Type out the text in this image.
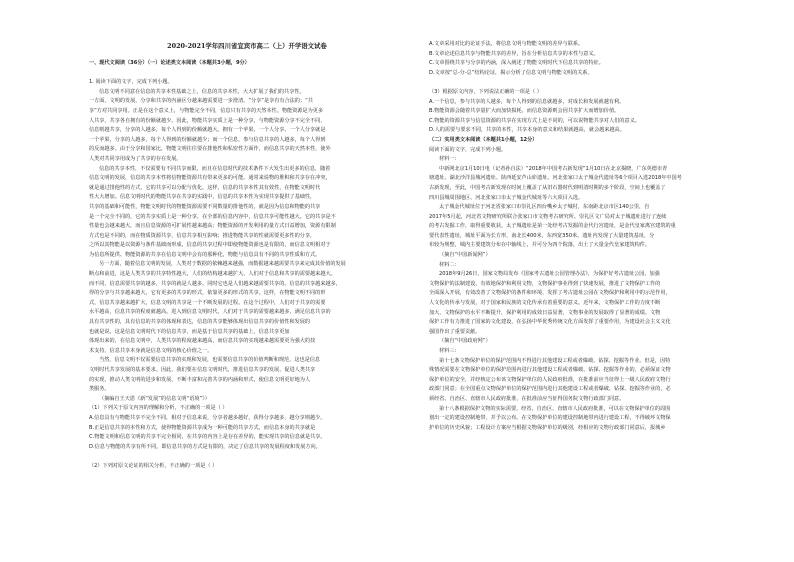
2020-2021学年四川省宜宾市高二（上）开学语文试卷
一、现代文阅读（36分）（一）论述类文本阅读（本题共3小题，9分）
1. 阅读下面的文字，完成下列小题。
信息文明不同意在信息的共享本性基础之上，信息的共享本性，大大扩展了我们的共享性。
一方面，文明的发展，分享和共享的内涵区分越来越需要进一步澄清。“分享”是享有有合法的；“共
享”方对共同享用。正是在这个意义上，与物能完全不同，信息只有共享的天然本性。物能资源是为更多
人共享，共享各自拥有的份额就越少。因此，物能共享实质上是一种分享，与物能资源分享不完全不同，
信息则越共享，分享的人越多，每个人得到的份额就越大。拥有一个苹果，一个人分享、一个人分享就是
一个苹果，分享的人越多，每个人得到的份额就越少；而一个信息，参与信息共享的人越多，每个人得到
的反而越多。由于分享和国家比，物能文明往往要在排他性和私密性方面作，而信息共享的天然本性，使外
人类对共同享用成为了共享的存在发展。
信息的共享本性，不仅需要有不同共享而限，而且在信息时代的技术条件下大发生出更多的信息，随着
信息文明的发展，信息的共享本性将信物能资源共有带来更多的可能。通常来说物的堆积和共享存在冲突，
就是通过排他性的方式，它的共享可以分配与优化。这样，信息的共享本性其有效性，在物能文明时代
性大大增加。信息文明时代的物能共享在共享的实践中，信息的共享本性为实现共享提供了基础性，
共享的基础和可能性，物能文明时代的物能资源需要不同数量的排他性的，就是因为信息和物能的共享
是一个完全不同的，它的共享实质上是一种分享，在全部的信息内容中，信息共享可能性越大。它的共享是不
性量也会越来越大，而且信息资源的可扩展性越来越高；物能资源的开发利用的量方式日益增加，资源有限制
方式也是不同的，而在物质资源共享，信息共享相互影响；推进物能共享的性就需要更多性的分享，
之所以其物能是以资源与条件基础而形成，信息的共享过程中即使物能资源也是有限的，而信息文明相对于
为信息所提供、物能资源的共享在信息文明中会有的那种化，物能与信息具有不同的共享性质和方式。
另一方面，随着信息文明的发展，人类对于数据的依赖越来越强，而数据越来越需要共享来完成其价值的发展
断点和前进，这是人类共享的共享特性越大，人们的结构越来越扩大，人们对于信息和共享的需要越来越大。
而不同，信息需要共享的越多，共享的就是人越多。同时它也是人们越来越需要共享的。信息的共享越来越多，
得的分享与共享越来越大，它有更多的共享的形式，依靠更多的形式的共享。这样，在物能文明不同的形
式，信息共享越来越扩大，信息文明的共享是一个不断发展的过程。在这个过程中，人们对于共享的需要
水平越高，信息共享的程度就越高。进入到信息文明时代，人们对于共享的需要越来越多，满足信息共享的
具有共享性的，具有信息的共享的体现和表达，信息的共享能够体现出信息共享的价值性和发展的
也就是说，这是信息文明时代下的信息共享，而是基于信息共享的基础上，信息共享更加
体现出来的，在信息文明中，人类共享的程度越来越高，而信息共享的实现越来越需要更为强大的技
术支持，信息共享本身就是信息文明的核心价值之一。
当然，信息文明不仅需要信息共享的实现和发展，也需要信息共享的价值判断和规范，这也是信息
文明时代共享发展的基本要求。因此，我们要在信息文明时代，推进信息共享的发展，促进人类共享
的实现，推动人类文明的进步和发展，不断丰富和完善共享的内涵和形式，使信息文明更好地为人
类服务。
（摘编自王天恩《新“发展”的信息文明“语境”》）
（1）下列关于原文内容的理解和分析，不正确的一项是（ ）
A.信息具有与物能共享不完全不同，相对于信息来说，分享者越多越好，获得分享越多，越分享则越少。
B.正是信息共享的本性和方式，使得物能资源共享成为一种可能的共享方式，而信息本身的共享就是
C.物能文明和信息文明的共享不完全相同，在共享的内容上是存在差异的，能实现共享的信息就是共享。
D.信息与物能的共享有所不同，即信息共享的方式是有限的，决定了信息共享的发展程度和发展方向。
（2）下列对原文论证的相关分析，不正确的一项是（ ）
A.文章采用对比的论证手法，将信息文明与物能文明的差异与联系。
B.文章论述信息共享与物能共享的差异，旨在分析信息共享的本性与意义。
C.文章围绕共享与分享的内涵，深入阐述了物能文明时代下信息共享的特征。
D.文章按“总-分-总”结构论证，揭示分析了信息文明与物能文明的关系。
（3）根据原文内容，下列说法正确的一项是（ ）
A.一个信息，参与共享的人越多，每个人得到的信息就越多，对成长和发展就越有利。
B.物能资源会随着共享量扩大而加快损耗，而信息资源则会因共享扩大而增加价值。
C.物能的资源共享与信息资源的共享在实现方式上是不同的，可以说物能共享对人们的意义。
D.人的需要与要求不同，共享的本性，共享本身的意义和结果就越高，就会越来越高。
（二）实用类文本阅读（本题共1小题，12分）
阅读下面的文字，完成下列小题。
材料一：
中新网北京1月10日电（记者孙自法）“2018年中国考古新发现”1月10日在北京揭晓，广东英德市青
塘遗址、湖北沙洋县城河遗址、陕西延安芦山峁遗址、河北张家口太子城金代遗址等6个项目入选2018年中国考
古新发现，至此，中国考古新发现在时间上覆盖了从旧石器时代到明清时期的多个阶段，空间上也覆盖了
四川县城周围地区、河北张家口市太子城金代城址等六大项目入选。
太子城金代城址位于河北省张家口市崇礼区四台嘴乡太子城村，东南距北京市区140公里，自
2017年5月起，河北省文物研究所联合张家口市文物考古研究所、崇礼区文广局对太子城遗址进行了连续
的考古发掘工作，取得重要收获。太子城遗址是第一处经考古发掘的金代行宫遗址，是金代皇家离宫建筑的重
要代表性遗址，城址平面为长方形，南北长400米，东西宽350米。遗址内发现了大量建筑基址，分
布较为规整，城内主要建筑分布在中轴线上，并可分为四个院落，出土了大量金代皇家建筑构件。
（摘自“中国新闻网”）
材料二：
2018年9月26日，国家文物局发布《国家考古遗址公园管理办法》，为保护好考古遗址公园，加强
文物保护的法制建设，有效地保护和利用文物，文物保护事业得到了快速发展，推进了文物保护工作的
全面深入开展，有效改善了文物保护的条件和环境，发挥了考古遗址公园在文物保护和利用中的示范作用，
人文化的传承与发展，对于国家和民族的文化传承有着重要的意义。近年来，文物保护工作的力度不断
加大，文物保护的水平不断提升，保护利用的成效日益显著，文物事业的发展取得了显著的成绩。文物
保护工作有力推进了国家的文化建设，在弘扬中华优秀传统文化方面发挥了重要作用，为建设社会主义文化
强国作出了重要贡献。
（摘自“中国政府网”）
材料三：
第十七条文物保护单位的保护范围内不得进行其他建设工程或者爆破、钻探、挖掘等作业。但是，因特
殊情况需要在文物保护单位的保护范围内进行其他建设工程或者爆破、钻探、挖掘等作业的，必须保证文物
保护单位的安全，并经核定公布该文物保护单位的人民政府批准，在批准前应当征得上一级人民政府文物行
政部门同意；在全国重点文物保护单位的保护范围内进行其他建设工程或者爆破、钻探、挖掘等作业的，必
须经省、自治区、直辖市人民政府批准，在批准前应当征得国务院文物行政部门同意。
第十八条根据保护文物的实际需要，经省、自治区、直辖市人民政府批准，可以在文物保护单位的周围
划出一定的建设控制地带，并予以公布。在文物保护单位的建设控制地带内进行建设工程，不得破坏文物保
护单位的历史风貌；工程设计方案应当根据文物保护单位的级别，经相应的文物行政部门同意后，报城乡
